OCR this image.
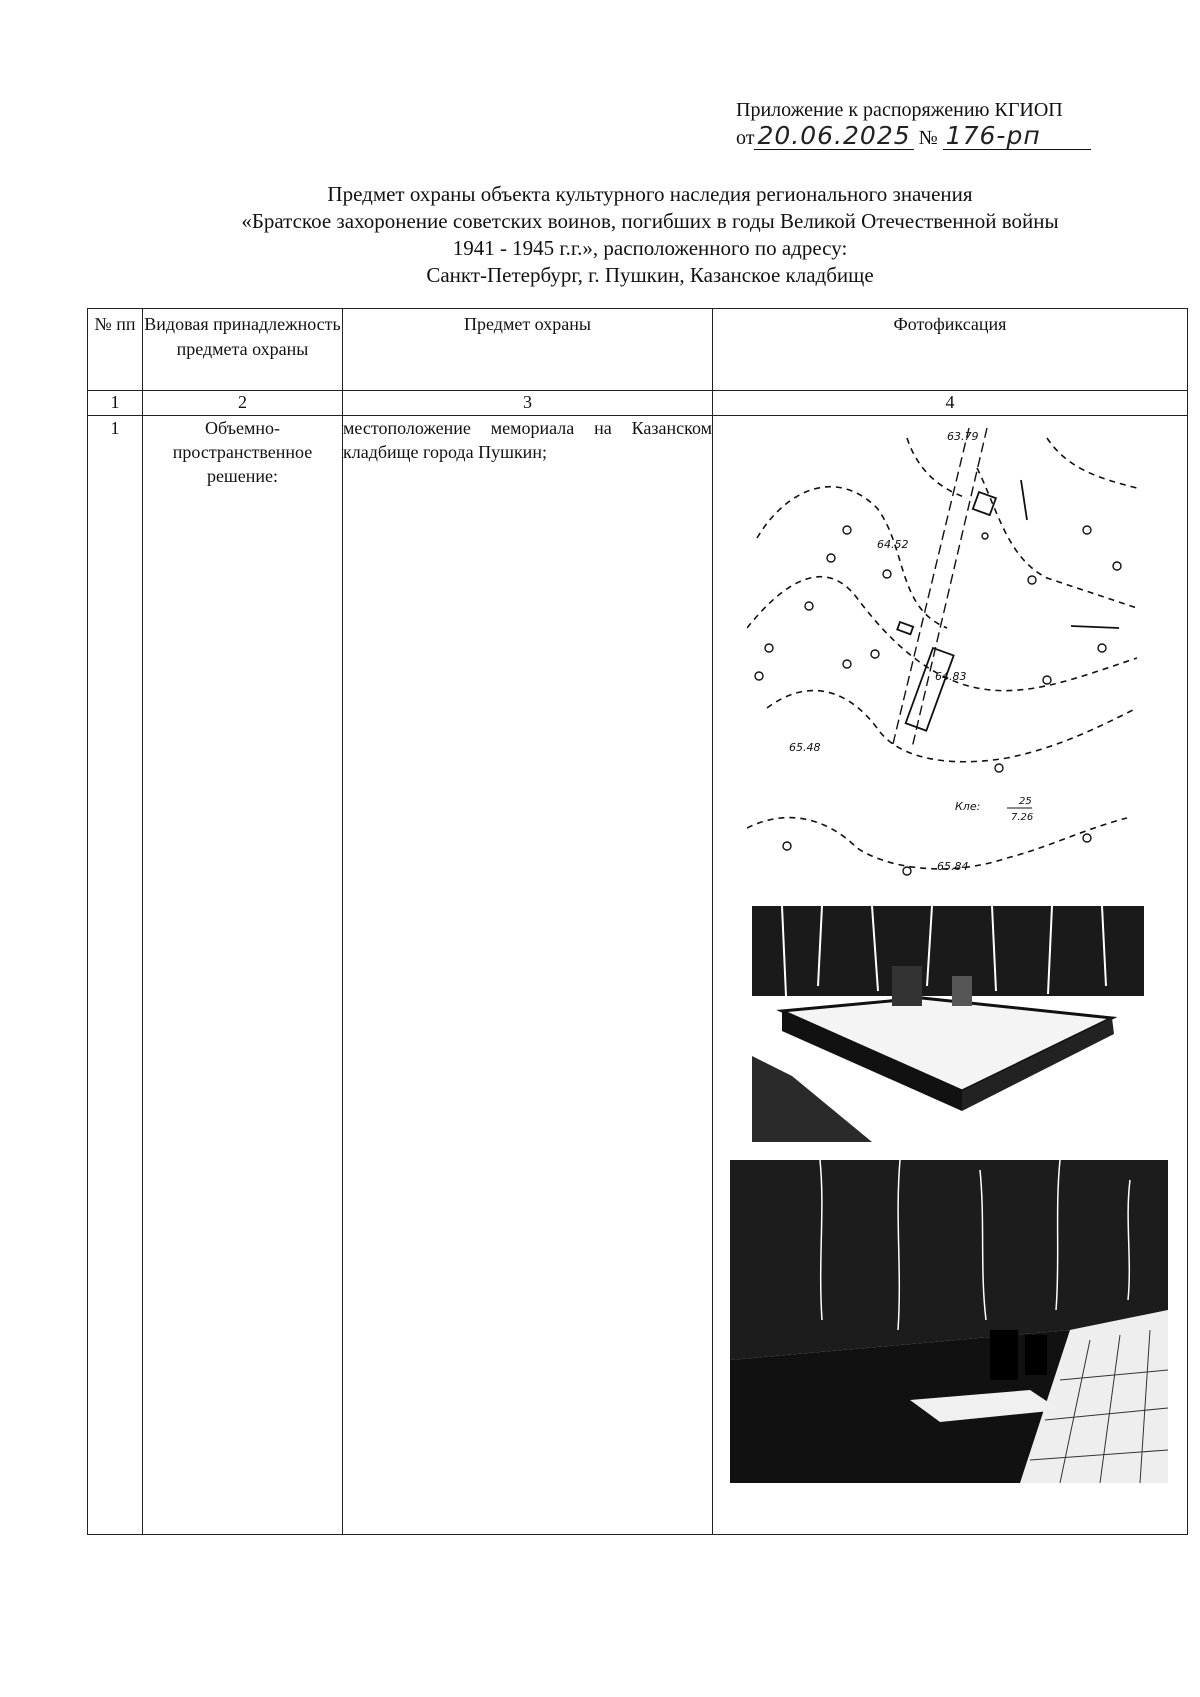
Приложение к распоряжению КГИОП
от 20.06.2025 № 176-рп
Предмет охраны объекта культурного наследия регионального значения
«Братское захоронение советских воинов, погибших в годы Великой Отечественной войны
1941 - 1945 г.г.», расположенного по адресу:
Санкт-Петербург, г. Пушкин, Казанское кладбище
№ пп	Видовая принадлежность предмета охраны	Предмет охраны	Фотофиксация
1	2	3	4
1	Объемно-пространственное решение:	местоположение мемориала на Казанском кладбище города Пушкин;	
63.79
64.52
64.83
65.48
65.84
Кле:	25
7.26
